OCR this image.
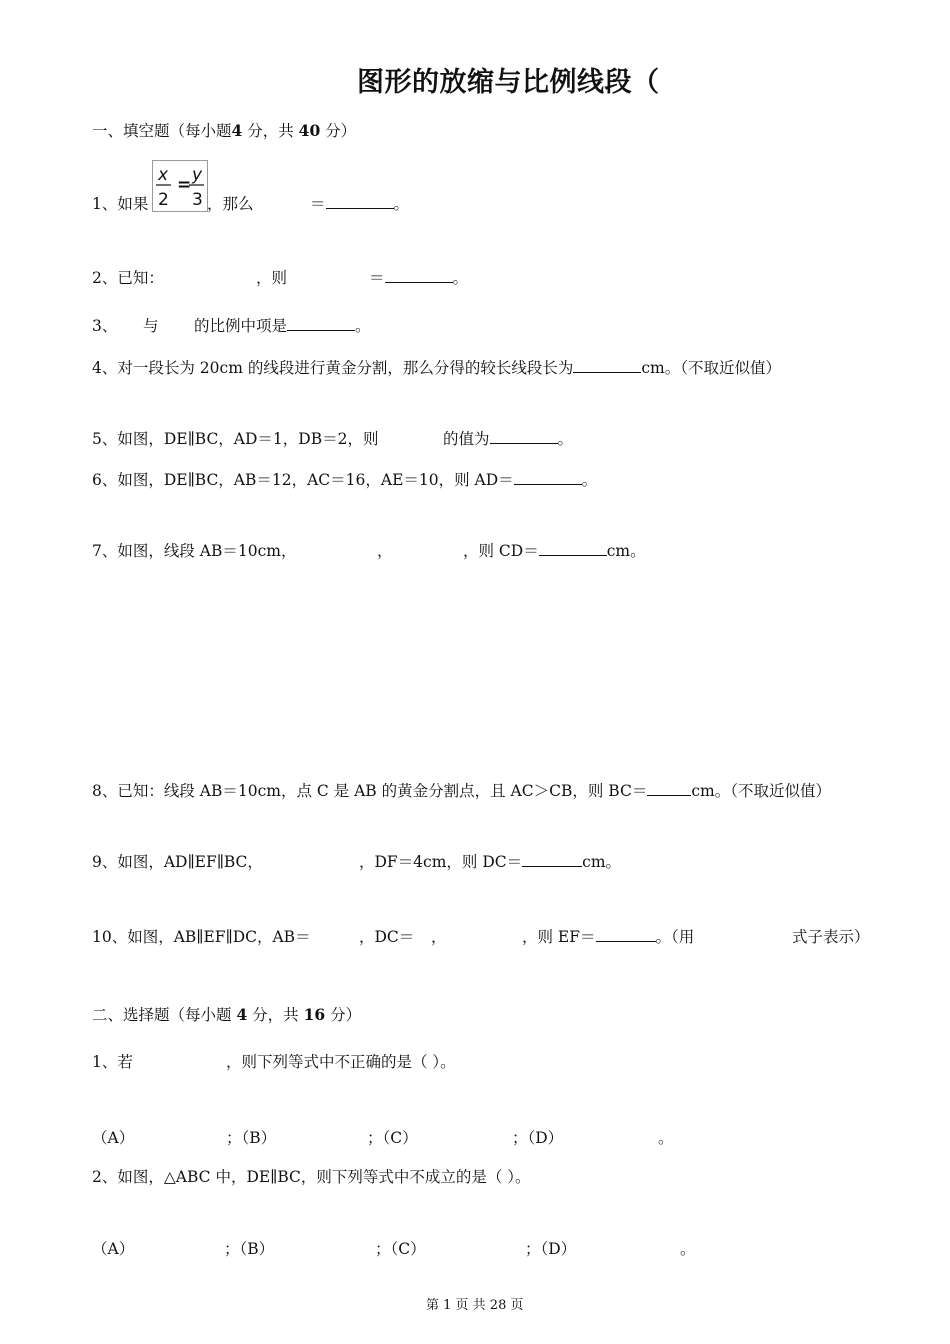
图形的放缩与比例线段（
一、填空题（每小题4 分，共 40 分）
x = y
2 3
1、如果	，那么	＝	。
2、已知：	，则	＝	。
3、 与 的比例中项是	。
4、对一段长为 20cm 的线段进行黄金分割，那么分得的较长线段长为	cm。（不取近似值）
5、如图，DE∥BC，AD＝1，DB＝2，则	的值为	。
6、如图，DE∥BC，AB＝12，AC＝16，AE＝10，则 AD＝	。
7、如图，线段 AB＝10cm，	，	，则 CD＝	cm。
8、已知：线段 AB＝10cm，点 C 是 AB 的黄金分割点，且 AC＞CB，则 BC＝	cm。（不取近似值）
9、如图，AD∥EF∥BC，	，DF＝4cm，则 DC＝	cm。
10、如图，AB∥EF∥DC，AB＝	，DC＝ ，	，则 EF＝	。（用	式子表示）
二、选择题（每小题 4 分，共 16 分）
1、若	，则下列等式中不正确的是（ ）。
（A）	；（B）	；（C）	；（D）	。
2、如图，△ABC 中，DE∥BC，则下列等式中不成立的是（ ）。
（A）	；（B）	；（C）	；（D）	。
第 1 页 共 28 页
